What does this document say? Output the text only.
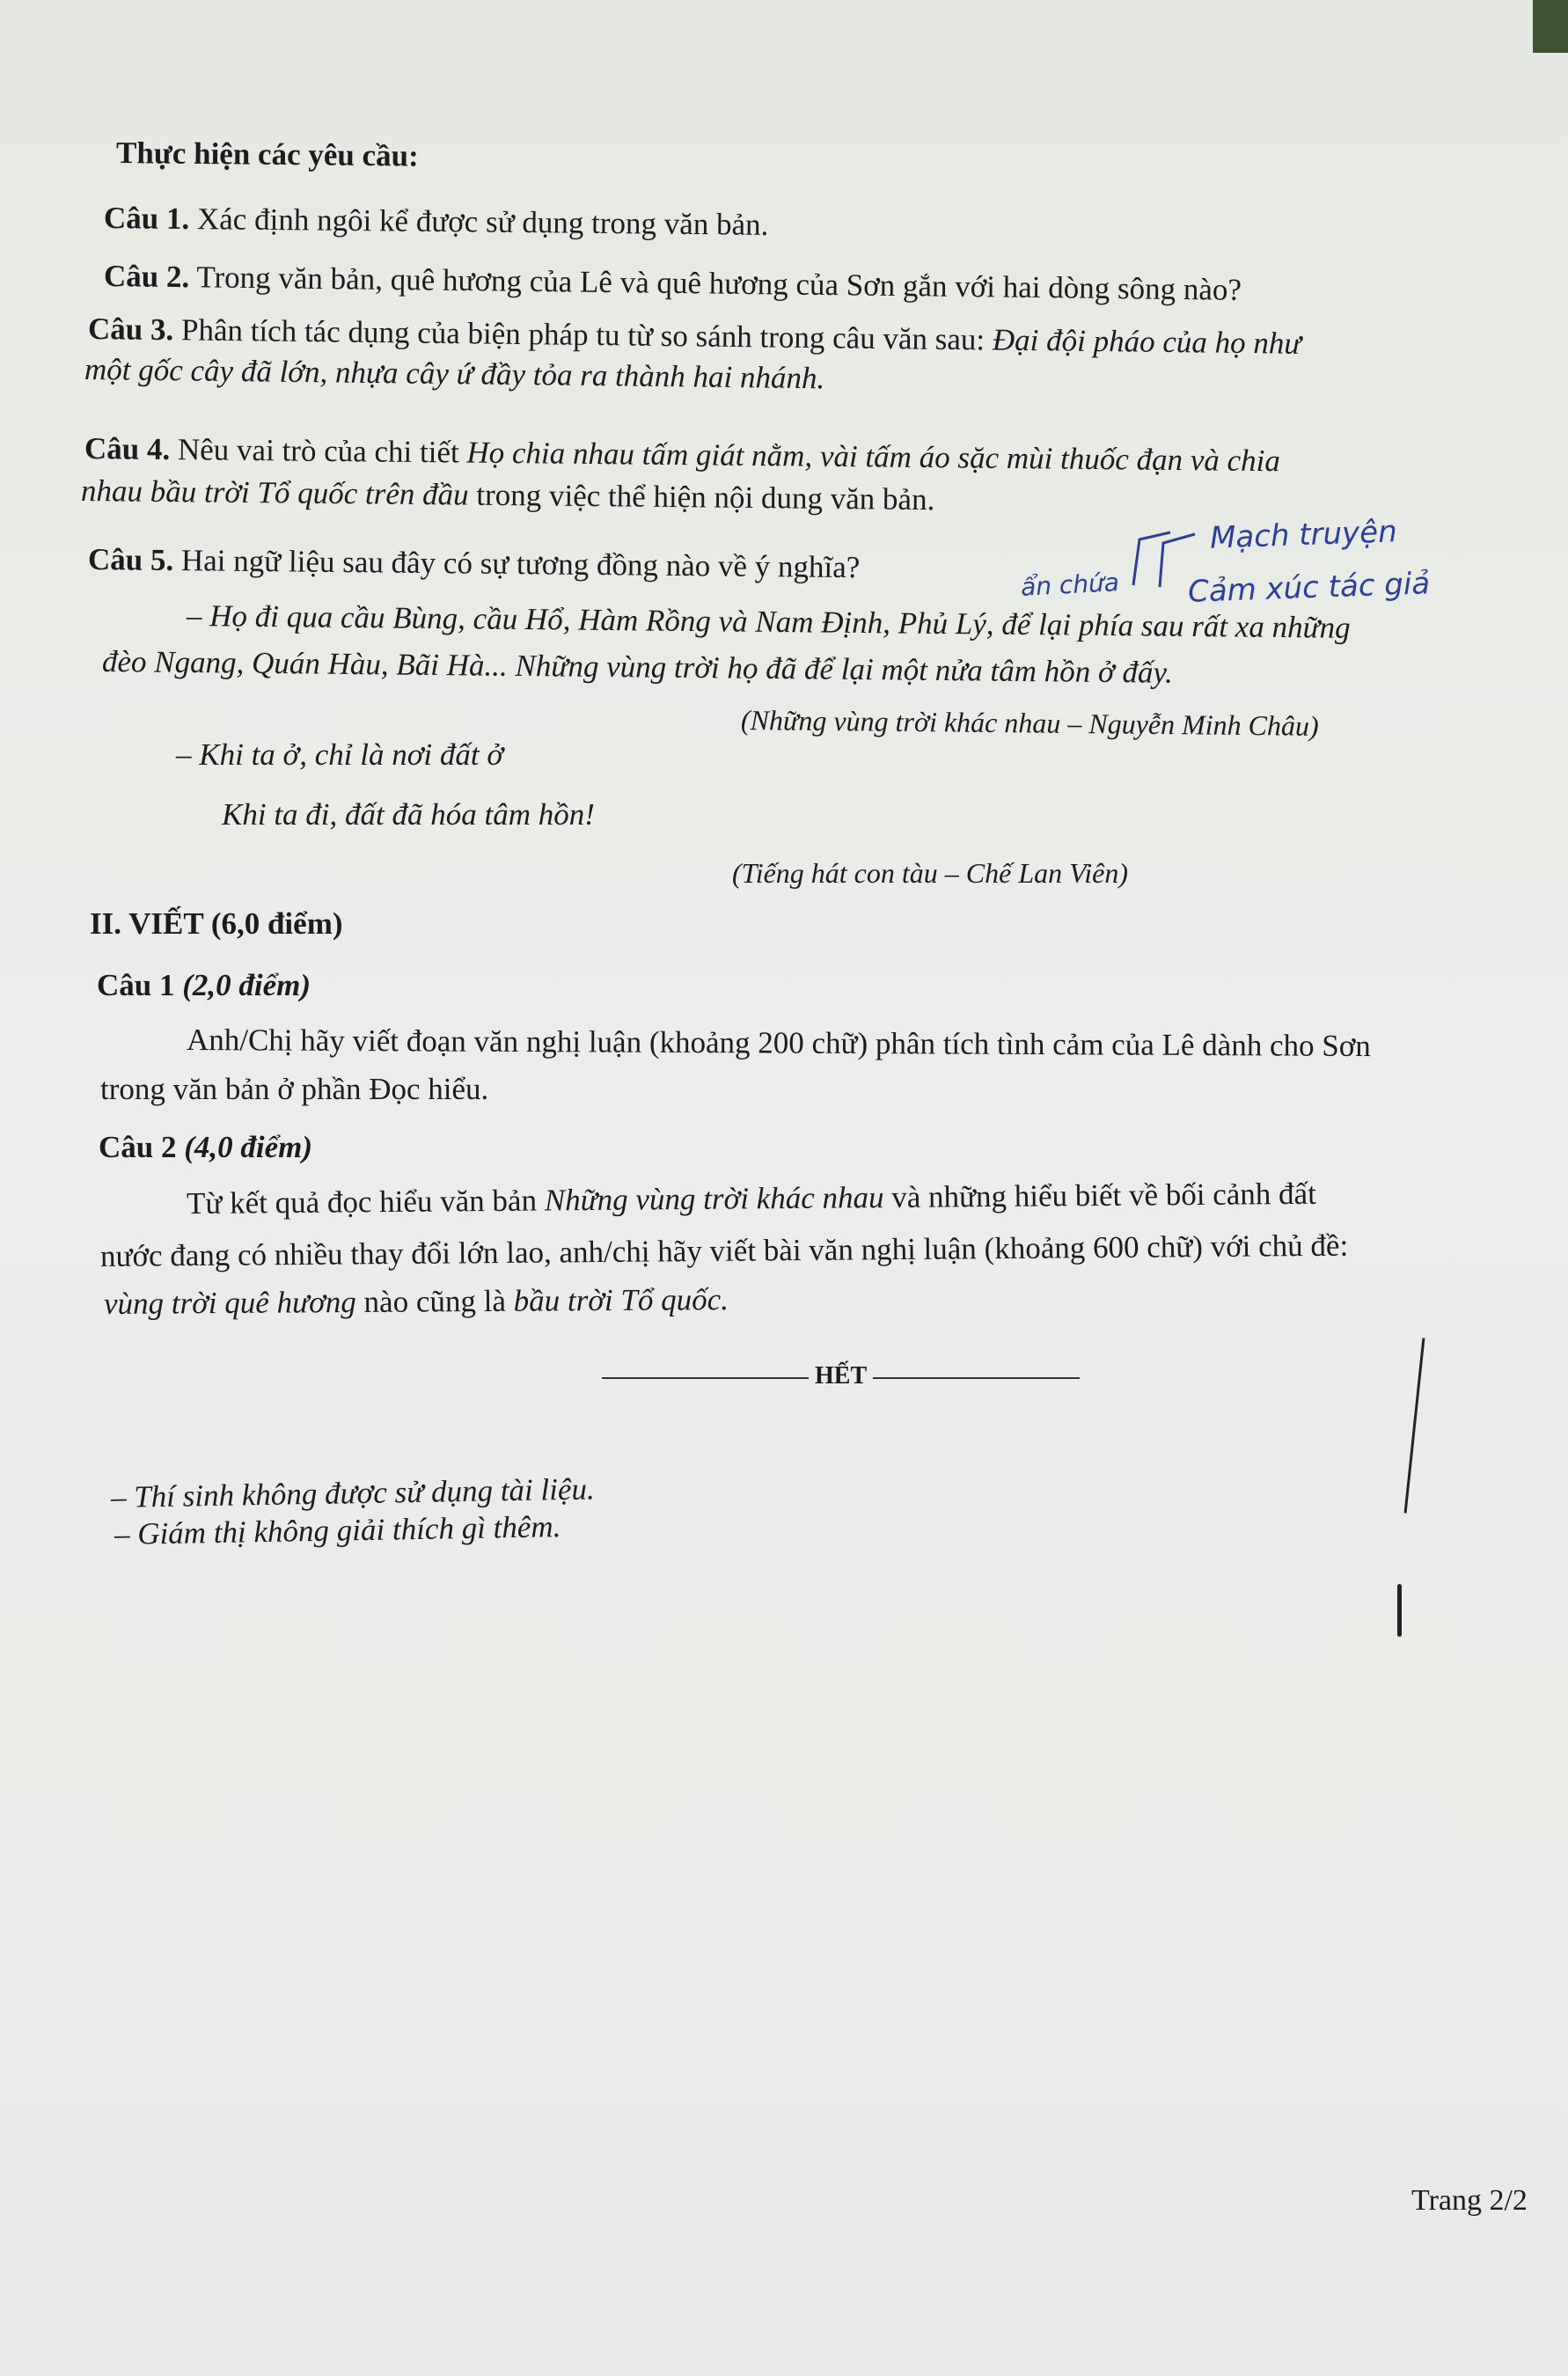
Thực hiện các yêu cầu:
Câu 1. Xác định ngôi kể được sử dụng trong văn bản.
Câu 2. Trong văn bản, quê hương của Lê và quê hương của Sơn gắn với hai dòng sông nào?
Câu 3. Phân tích tác dụng của biện pháp tu từ so sánh trong câu văn sau: Đại đội pháo của họ như
một gốc cây đã lớn, nhựa cây ứ đầy tỏa ra thành hai nhánh.
Câu 4. Nêu vai trò của chi tiết Họ chia nhau tấm giát nằm, vài tấm áo sặc mùi thuốc đạn và chia
nhau bầu trời Tổ quốc trên đầu trong việc thể hiện nội dung văn bản.
Câu 5. Hai ngữ liệu sau đây có sự tương đồng nào về ý nghĩa?
Mạch truyện
ẩn chứa Cảm xúc tác giả
– Họ đi qua cầu Bùng, cầu Hổ, Hàm Rồng và Nam Định, Phủ Lý, để lại phía sau rất xa những
đèo Ngang, Quán Hàu, Bãi Hà... Những vùng trời họ đã để lại một nửa tâm hồn ở đấy.
(Những vùng trời khác nhau – Nguyễn Minh Châu)
– Khi ta ở, chỉ là nơi đất ở
Khi ta đi, đất đã hóa tâm hồn!
(Tiếng hát con tàu – Chế Lan Viên)
II. VIẾT (6,0 điểm)
Câu 1 (2,0 điểm)
Anh/Chị hãy viết đoạn văn nghị luận (khoảng 200 chữ) phân tích tình cảm của Lê dành cho Sơn
trong văn bản ở phần Đọc hiểu.
Câu 2 (4,0 điểm)
Từ kết quả đọc hiểu văn bản Những vùng trời khác nhau và những hiểu biết về bối cảnh đất
nước đang có nhiều thay đổi lớn lao, anh/chị hãy viết bài văn nghị luận (khoảng 600 chữ) với chủ đề:
vùng trời quê hương nào cũng là bầu trời Tổ quốc.
HẾT
– Thí sinh không được sử dụng tài liệu.
– Giám thị không giải thích gì thêm.
Trang 2/2
